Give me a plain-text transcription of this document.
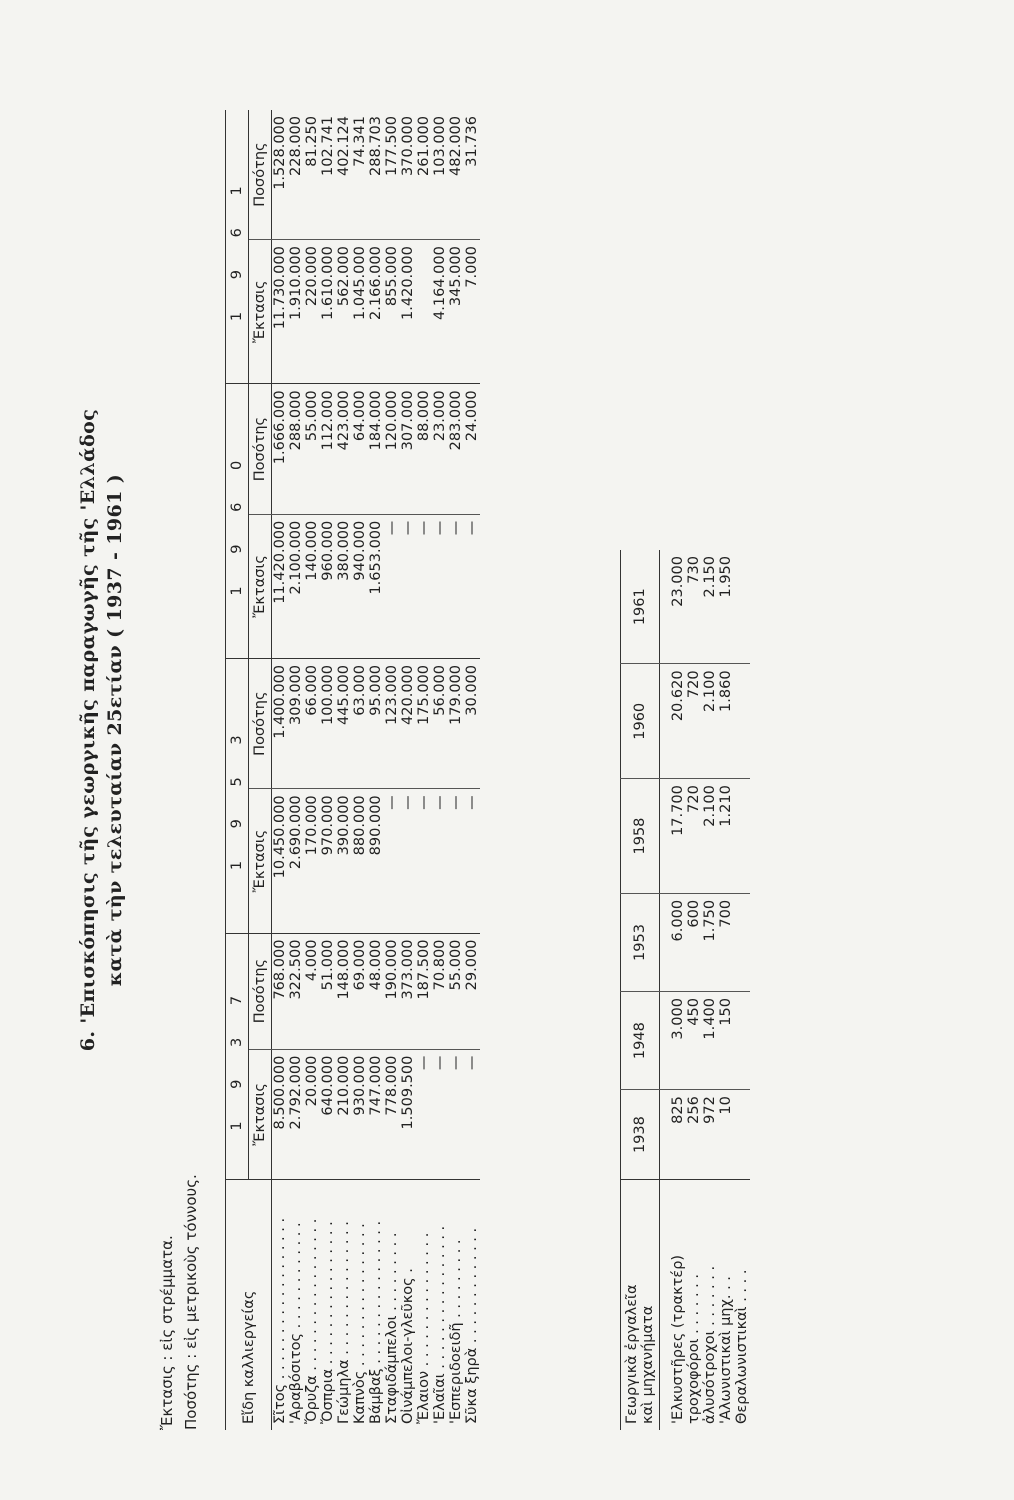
6. 'Επισκόπησις τῆς γεωργικῆς παραγωγῆς τῆς 'Ελλάδος κατὰ τὴν τελευταίαν 25ετίαν ( 1937 - 1961 )
Ἔκτασις : εἰς στρέμματα. Ποσότης : εἰς μετρικοὺς τόννους.	Εἴδη καλλιεργείας	1 9 3 7		1 9 5 3		1 9 6 0		1 9 6 1	
	Ἔκτασις	Ποσότης	Ἔκτασις	Ποσότης	Ἔκτασις	Ποσότης	Ἔκτασις	Ποσότης
Σῖτος . . . . . . . . . . . . . . . . . .	8.500.000	768.000	10.450.000	1.400.000	11.420.000	1.666.000	11.730.000	1.528.000
'Αραβόσιτος . . . . . . . . . . . .	2.792.000	322.500	2.690.000	309.000	2.100.000	288.000	1.910.000	228.000
Ὄρυζα . . . . . . . . . . . . . . . . .	20.000	4.000	170.000	66.000	140.000	55.000	220.000	81.250
Ὄσπρια . . . . . . . . . . . . . . . .	640.000	51.000	970.000	100.000	960.000	112.000	1.610.000	102.741
Γεώμηλα . . . . . . . . . . . . . . .	210.000	148.000	390.000	445.000	380.000	423.000	562.000	402.124
Καπνὸς . . . . . . . . . . . . . . . .	930.000	69.000	880.000	63.000	940.000	64.000	1.045.000	74.341
Βάμβαξ . . . . . . . . . . . . . . . .	747.000	48.000	890.000	95.000	1.653.000	184.000	2.166.000	288.703
Σταφιδάμπελοι . . . . . . . . .	778.000	190.000	—	123.000	—	120.000	855.000	177.500
Οἰνάμπελοι-γλεῦκος .	1.509.500	373.000	—	420.000	—	307.000	1.420.000	370.000
Ἔλαιον . . . . . . . . . . . . . . .	—	187.500	—	175.000	—	88.000		261.000
'Ελαῖαι . . . . . . . . . . . . . . . .	—	70.800	—	56.000	—	23.000	4.164.000	103.000
'Εσπεριδοειδῆ . . . . . . . . .	—	55.000	—	179.000	—	283.000	345.000	482.000
Σῦκα ξηρὰ . . . . . . . . . . . . .	—	29.000	—	30.000	—	24.000	7.000	31.736
Γεωργικὰ ἐργαλεῖα καὶ μηχανήματα	1938	1948	1953	1958	1960	1961
'Ελκυστῆρες (τρακτέρ)	825	3.000	6.000	17.700	20.620	23.000
τροχοφόροι . . . . . . .	256	450	600	720	720	730
ἀλυσότροχοι . . . . . . .	972	1.400	1.750	2.100	2.100	2.150
'Αλωνιστικαὶ μηχ. . .	10	150	700	1.210	1.860	1.950
Θεραλωνιστικαὶ . . . .						
